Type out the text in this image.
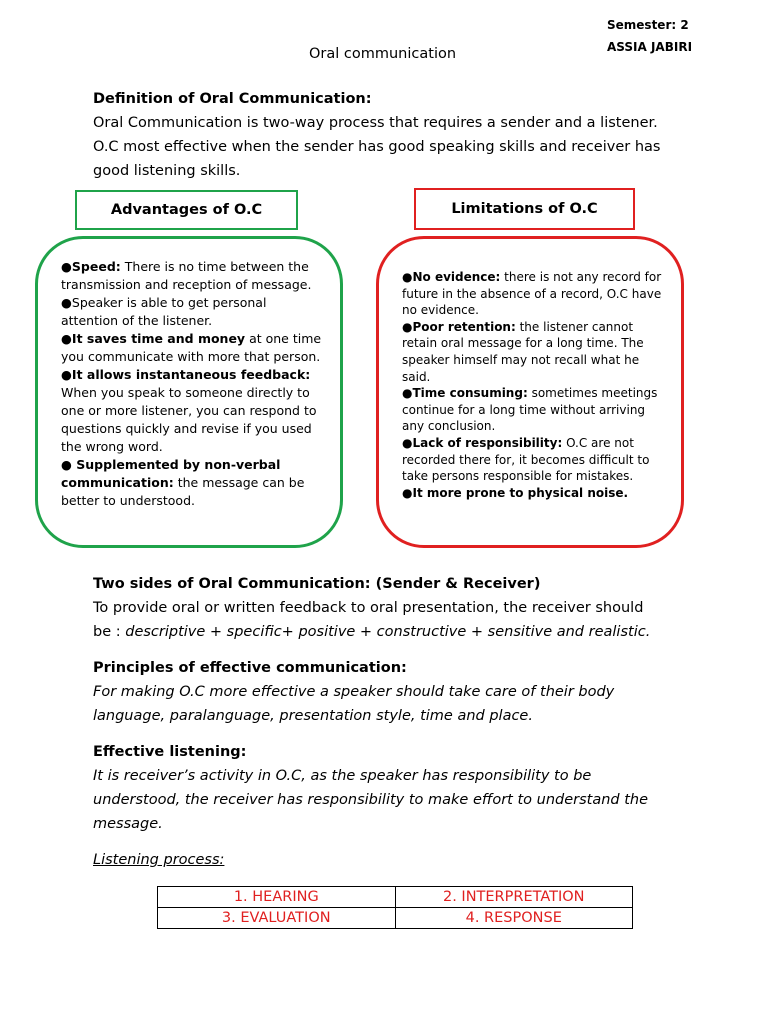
Semester: 2
ASSIA JABIRI
Oral communication
Definition of Oral Communication:
Oral Communication is two-way process that requires a sender and a listener.
O.C most effective when the sender has good speaking skills and receiver has
good listening skills.
Advantages of O.C	Limitations of O.C
●Speed: There is no time between the transmission and reception of message.
●Speaker is able to get personal attention of the listener.
●It saves time and money at one time you communicate with more that person.
●It allows instantaneous feedback: When you speak to someone directly to one or more listener, you can respond to questions quickly and revise if you used the wrong word.
● Supplemented by non-verbal communication: the message can be better to understood.
●No evidence: there is not any record for future in the absence of a record, O.C have no evidence.
●Poor retention: the listener cannot retain oral message for a long time. The speaker himself may not recall what he said.
●Time consuming: sometimes meetings continue for a long time without arriving any conclusion.
●Lack of responsibility: O.C are not recorded there for, it becomes difficult to take persons responsible for mistakes.
●It more prone to physical noise.
Two sides of Oral Communication: (Sender & Receiver)
To provide oral or written feedback to oral presentation, the receiver should
be : descriptive + specific+ positive + constructive + sensitive and realistic.
Principles of effective communication:
For making O.C more effective a speaker should take care of their body
language, paralanguage, presentation style, time and place.
Effective listening:
It is receiver’s activity in O.C, as the speaker has responsibility to be
understood, the receiver has responsibility to make effort to understand the
message.
Listening process:
1. HEARING	2. INTERPRETATION
3. EVALUATION	4. RESPONSE
